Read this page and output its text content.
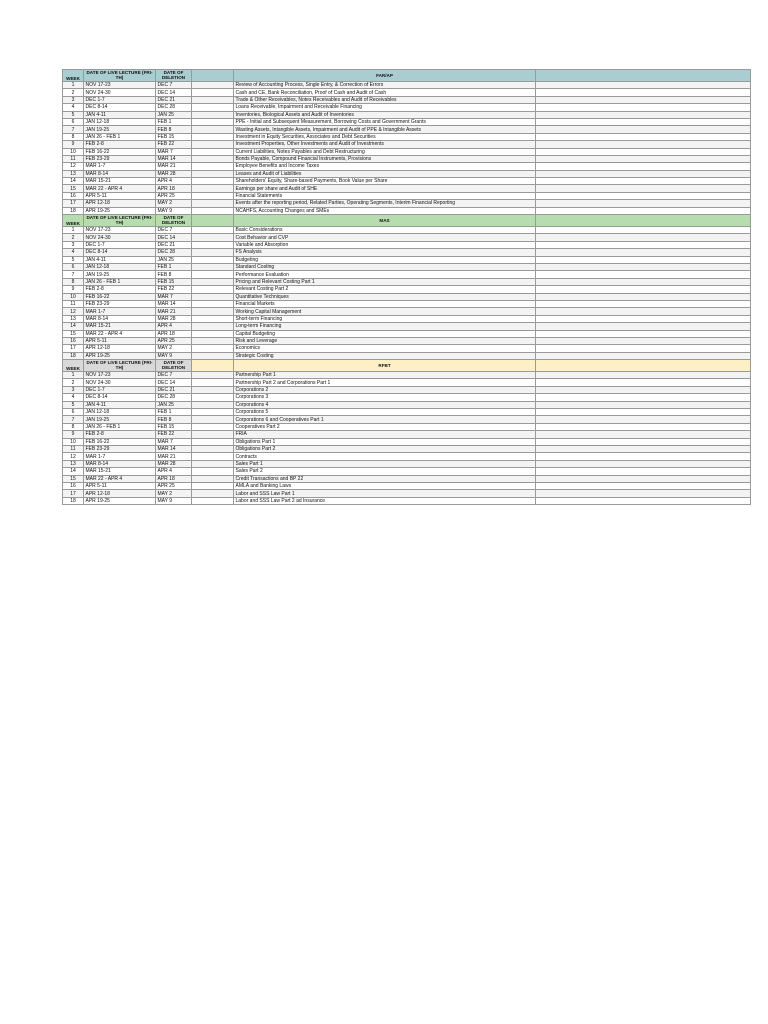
WEEK	DATE OF LIVE LECTURE (FRI-TH)	DATE OF DELETION		FAR/AP	
1	NOV 17-23	DEC 7		Review of Accounting Process, Single Entry, & Correction of Errors	
2	NOV 24-30	DEC 14		Cash and CE, Bank Reconciliation, Proof of Cash and Audit of Cash	
3	DEC 1-7	DEC 21		Trade & Other Receivables, Notes Receivables and Audit of Receivables	
4	DEC 8-14	DEC 28		Loans Receivable, Impairment and Receivable Financing	
5	JAN 4-11	JAN 25		Inventories, Biological Assets and Audit of Inventories	
6	JAN 12-18	FEB 1		PPE - Initial and Subsequent Measurement, Borrowing Costs and Government Grants	
7	JAN 19-25	FEB 8		Wasting Assets, Intangible Assets, Impairment and Audit of PPE & Intangible Assets	
8	JAN 26 - FEB 1	FEB 15		Investment in Equity Securities, Associates and Debt Securities	
9	FEB 2-8	FEB 22		Investment Properties, Other Investments and Audit of Investments	
10	FEB 16-22	MAR 7		Current Liabilities, Notes Payables and Debt Restructuring	
11	FEB 23-29	MAR 14		Bonds Payable, Compound Financial Instruments, Provisions	
12	MAR 1-7	MAR 21		Employee Benefits and Income Taxes	
13	MAR 8-14	MAR 28		Leases and Audit of Liabilities	
14	MAR 15-21	APR 4		Shareholders' Equity, Share-based Payments, Book Value per Share	
15	MAR 22 - APR 4	APR 18		Earnings per share and Audit of SHE	
16	APR 5-11	APR 25		Financial Statements	
17	APR 12-18	MAY 2		Events after the reporting period, Related Parties, Operating Segments, Interim Financial Reporting	
18	APR 19-25	MAY 9		NCAHFS, Accounting Changes and SMEs	
WEEK	DATE OF LIVE LECTURE (FRI-TH)	DATE OF DELETION		MAS	
1	NOV 17-23	DEC 7		Basic Considerations	
2	NOV 24-30	DEC 14		Cost Behavior and CVP	
3	DEC 1-7	DEC 21		Variable and Absorption	
4	DEC 8-14	DEC 28		FS Analysis	
5	JAN 4-11	JAN 25		Budgeting	
6	JAN 12-18	FEB 1		Standard Costing	
7	JAN 19-25	FEB 8		Performance Evaluation	
8	JAN 26 - FEB 1	FEB 15		Pricing and Relevant Costing Part 1	
9	FEB 2-8	FEB 22		Relevant Costing Part 2	
10	FEB 16-22	MAR 7		Quantitative Techniques	
11	FEB 23-29	MAR 14		Financial Markets	
12	MAR 1-7	MAR 21		Working Capital Management	
13	MAR 8-14	MAR 28		Short-term Financing	
14	MAR 15-21	APR 4		Long-term Financing	
15	MAR 22 - APR 4	APR 18		Capital Budgeting	
16	APR 5-11	APR 25		Risk and Leverage	
17	APR 12-18	MAY 2		Economics	
18	APR 19-25	MAY 9		Strategic Costing	
WEEK	DATE OF LIVE LECTURE (FRI-TH)	DATE OF DELETION		RFBT	
1	NOV 17-23	DEC 7		Partnership Part 1	
2	NOV 24-30	DEC 14		Partnership Part 2 and Corporations Part 1	
3	DEC 1-7	DEC 21		Corporations 2	
4	DEC 8-14	DEC 28		Corporations 3	
5	JAN 4-11	JAN 25		Corporations 4	
6	JAN 12-18	FEB 1		Corporations 5	
7	JAN 19-25	FEB 8		Corporations 6 and Cooperatives Part 1	
8	JAN 26 - FEB 1	FEB 15		Cooperatives Part 2	
9	FEB 2-8	FEB 22		FRIA	
10	FEB 16-22	MAR 7		Obligations Part 1	
11	FEB 23-29	MAR 14		Obligations Part 2	
12	MAR 1-7	MAR 21		Contracts	
13	MAR 8-14	MAR 28		Sales Part 1	
14	MAR 15-21	APR 4		Sales Part 2	
15	MAR 22 - APR 4	APR 18		Credit Transactions and BP 22	
16	APR 5-11	APR 25		AMLA and Banking Laws	
17	APR 12-18	MAY 2		Labor and SSS Law Part 1	
18	APR 19-25	MAY 9		Labor and SSS Law Part 2 ad Insurance	
